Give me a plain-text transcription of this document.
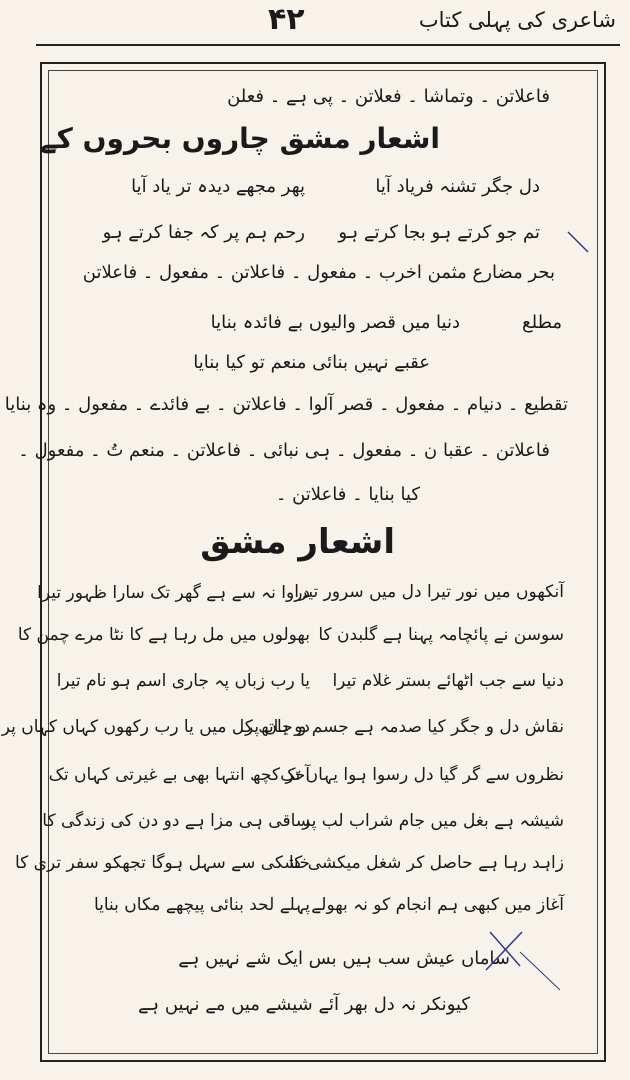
شاعری کی پہلی کتاب
۴۲
فاعلاتن ۔ وتماشا ۔ فعلاتن ۔ پی ہے ۔ فعلن
اشعار مشق چاروں بحروں کے
دل جگر تشنہ فریاد آیا
پھر مجھے دیدہ تر یاد آیا
تم جو کرتے ہو بجا کرتے ہو
رحم ہم پر کہ جفا کرتے ہو
بحر مضارع مثمن اخرب ۔ مفعول ۔ فاعلاتن ۔ مفعول ۔ فاعلاتن
مطلع
دنیا میں قصر والیوں بے فائدہ بنایا
عقبے نہیں بنائی منعم تو کیا بنایا
تقطیع ۔ دنیام ۔ مفعول ۔ قصر آلوا ۔ فاعلاتن ۔ بے فائدے ۔ مفعول ۔ وہ بنایا
فاعلاتن ۔ عقبا ن ۔ مفعول ۔ ہی نبائی ۔ فاعلاتن ۔ منعم تُ ۔ مفعول ۔
کیا بنایا ۔ فاعلاتن ۔
اشعار مشق
آنکھوں میں نور تیرا دل میں سرور تیرا
دروا نہ سے ہے گھر تک سارا ظہور تیرا
سوسن نے پائچامہ پہنا ہے گلبدن کا
بھولوں میں مل رہا ہے کا نٹا مرے چمن کا
دنیا سے جب اٹھائے بستر غلام تیرا
یا رب زباں پہ جاری اسم ہو نام تیرا
نقاش دل و جگر کیا صدمہ ہے جسم و جاں پر
دو ہاتھ کل میں یا رب رکھوں کہاں کہاں پر
نظروں سے گر گیا دل رسوا ہوا یہاں تک
آخر کچھ انتہا بھی بے غیرتی کہاں تک
شیشہ ہے بغل میں جام شراب لب پر
ساقی ہی مزا ہے دو دن کی زندگی کا
زاہد رہا ہے حاصل کر شغل میکشی کا
خشکی سے سہل ہوگا تجھکو سفر تری کا
آغاز میں کبھی ہم انجام کو نہ بھولے
پہلے لحد بنائی پیچھے مکاں بنایا
ساماں عیش سب ہیں بس ایک شے نہیں ہے
کیونکر نہ دل بھر آئے شیشے میں مے نہیں ہے
